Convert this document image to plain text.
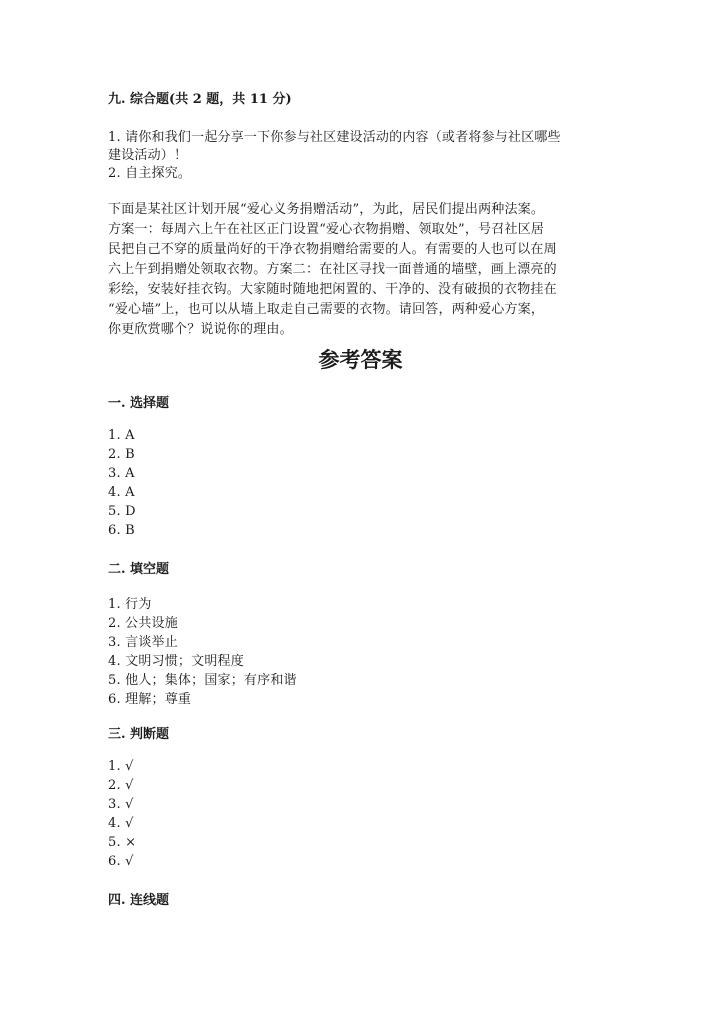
九. 综合题(共 2 题，共 11 分)
1. 请你和我们一起分享一下你参与社区建设活动的内容（或者将参与社区哪些
建设活动）！
2. 自主探究。
下面是某社区计划开展“爱心义务捐赠活动”，为此，居民们提出两种法案。
方案一：每周六上午在社区正门设置“爱心衣物捐赠、领取处”，号召社区居
民把自己不穿的质量尚好的干净衣物捐赠给需要的人。有需要的人也可以在周
六上午到捐赠处领取衣物。方案二：在社区寻找一面普通的墙壁，画上漂亮的
彩绘，安装好挂衣钩。大家随时随地把闲置的、干净的、没有破损的衣物挂在
“爱心墙”上，也可以从墙上取走自己需要的衣物。请回答，两种爱心方案，
你更欣赏哪个？说说你的理由。
参考答案
一. 选择题
1. A
2. B
3. A
4. A
5. D
6. B
二. 填空题
1. 行为
2. 公共设施
3. 言谈举止
4. 文明习惯；文明程度
5. 他人；集体；国家；有序和谐
6. 理解；尊重
三. 判断题
1. √
2. √
3. √
4. √
5. ×
6. √
四. 连线题
